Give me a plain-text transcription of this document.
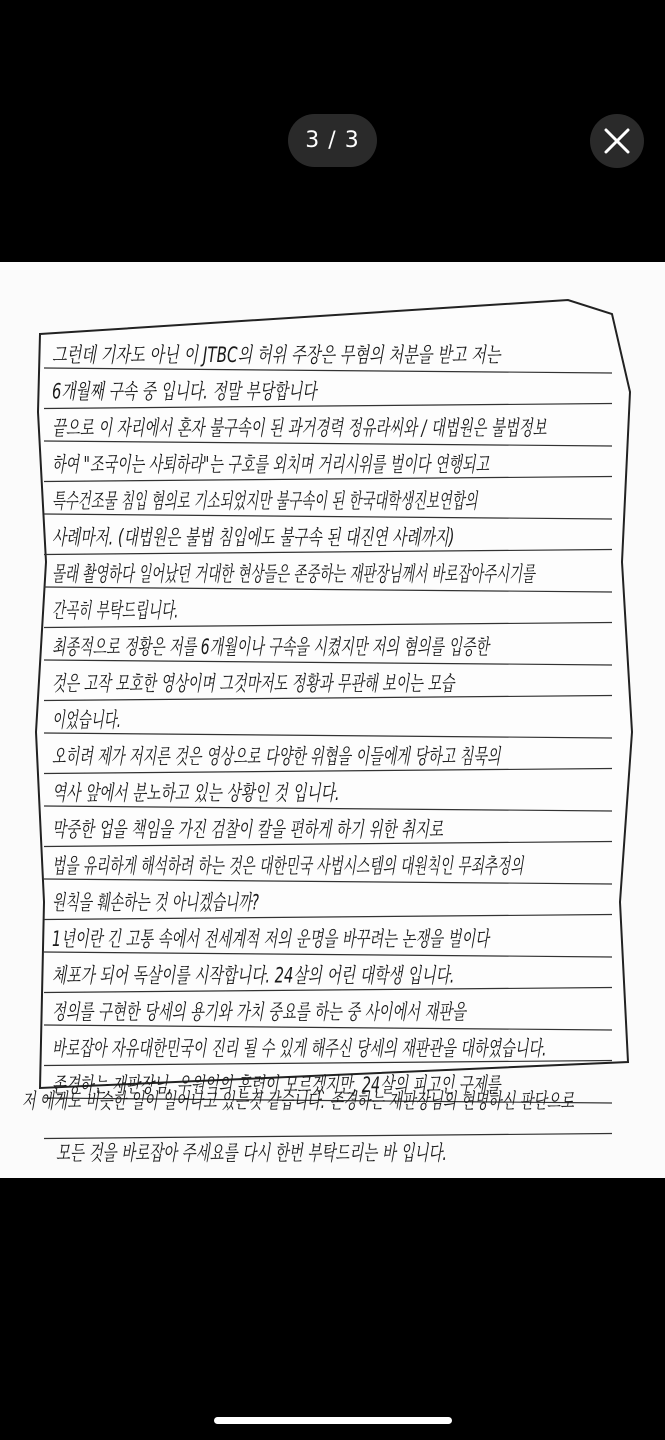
3 / 3
그런데 기자도 아닌 이 JTBC의 허위 주장은 무혐의 처분을 받고 저는
6개월째 구속 중 입니다. 정말 부당합니다
끝으로 이 자리에서 혼자 불구속이 된 과거경력 정유라씨와 / 대법원은 불법정보
하여 "조국이는 사퇴하라"는 구호를 외치며 거리시위를 벌이다 연행되고
특수건조물 침입 혐의로 기소되었지만 불구속이 된 한국대학생진보연합의
사례마저. (대법원은 불법 침입에도 불구속 된 대진연 사례까지)
몰래 촬영하다 일어났던 거대한 현상들은 존중하는 재판장님께서 바로잡아주시기를
간곡히 부탁드립니다.
최종적으로 정황은 저를 6개월이나 구속을 시켰지만 저의 혐의를 입증한
것은 고작 모호한 영상이며 그것마저도 정황과 무관해 보이는 모습
이었습니다.
오히려 제가 저지른 것은 영상으로 다양한 위협을 이들에게 당하고 침묵의
역사 앞에서 분노하고 있는 상황인 것 입니다.
막중한 업을 책임을 가진 검찰이 칼을 편하게 하기 위한 취지로
법을 유리하게 해석하려 하는 것은 대한민국 사법시스템의 대원칙인 무죄추정의
원칙을 훼손하는 것 아니겠습니까?
1년이란 긴 고통 속에서 전세계적 저의 운명을 바꾸려는 논쟁을 벌이다
체포가 되어 독살이를 시작합니다. 24살의 어린 대학생 입니다.
정의를 구현한 당세의 용기와 가치 중요를 하는 중 사이에서 재판을
바로잡아 자유대한민국이 진리 될 수 있게 해주신 당세의 재판관을 대하였습니다.
존경하는 재판장님, 우원익의 훈련이 모르겠지만, 24살의 피고인 구제를
저 에게도 비슷한 일이 일어나고 있는것 같습니다. 존경하는 재판장님의 현명하신 판단으로
모든 것을 바로잡아 주세요를 다시 한번 부탁드리는 바 입니다.
